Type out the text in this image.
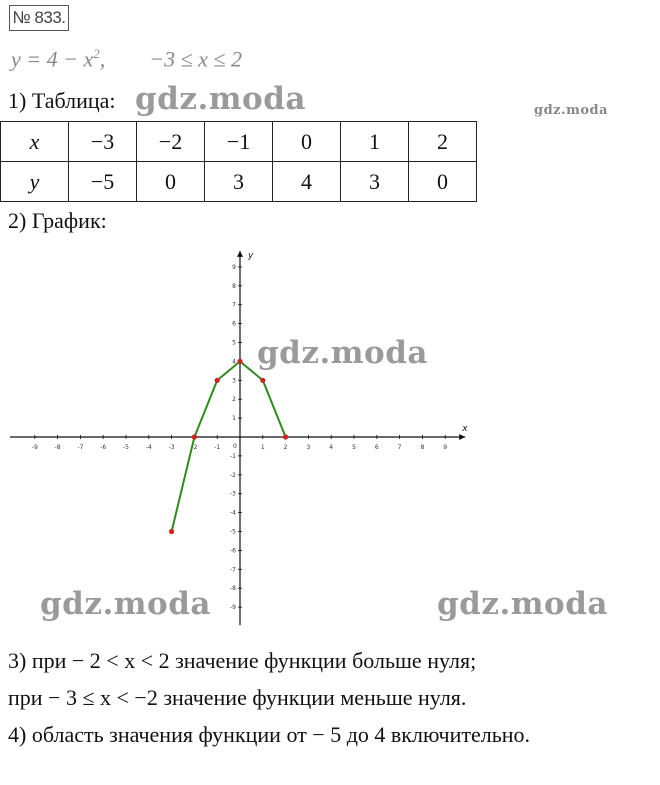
№ 833.
$y = 4 - x^2$,        −3 ≤ x ≤ 2
1) Таблица: gdz.moda	gdz.moda
x	−3	−2	−1	0	1	2
y	−5	0	3	4	3	0
2) График:
x
y
0
-9	-8	-7	-6	-5	-4	-3	-2	-1	1	2	3	4	5	6	7	8	9
-9
-8
-7
-6
-5
-4
-3
-2
-1
1
2
3
4
5
6
7
8
9
gdz.moda
gdz.moda	gdz.moda
3) при − 2 < x < 2 значение функции больше нуля;
при − 3 ≤ x < −2 значение функции меньше нуля.
4) область значения функции от − 5 до 4 включительно.
